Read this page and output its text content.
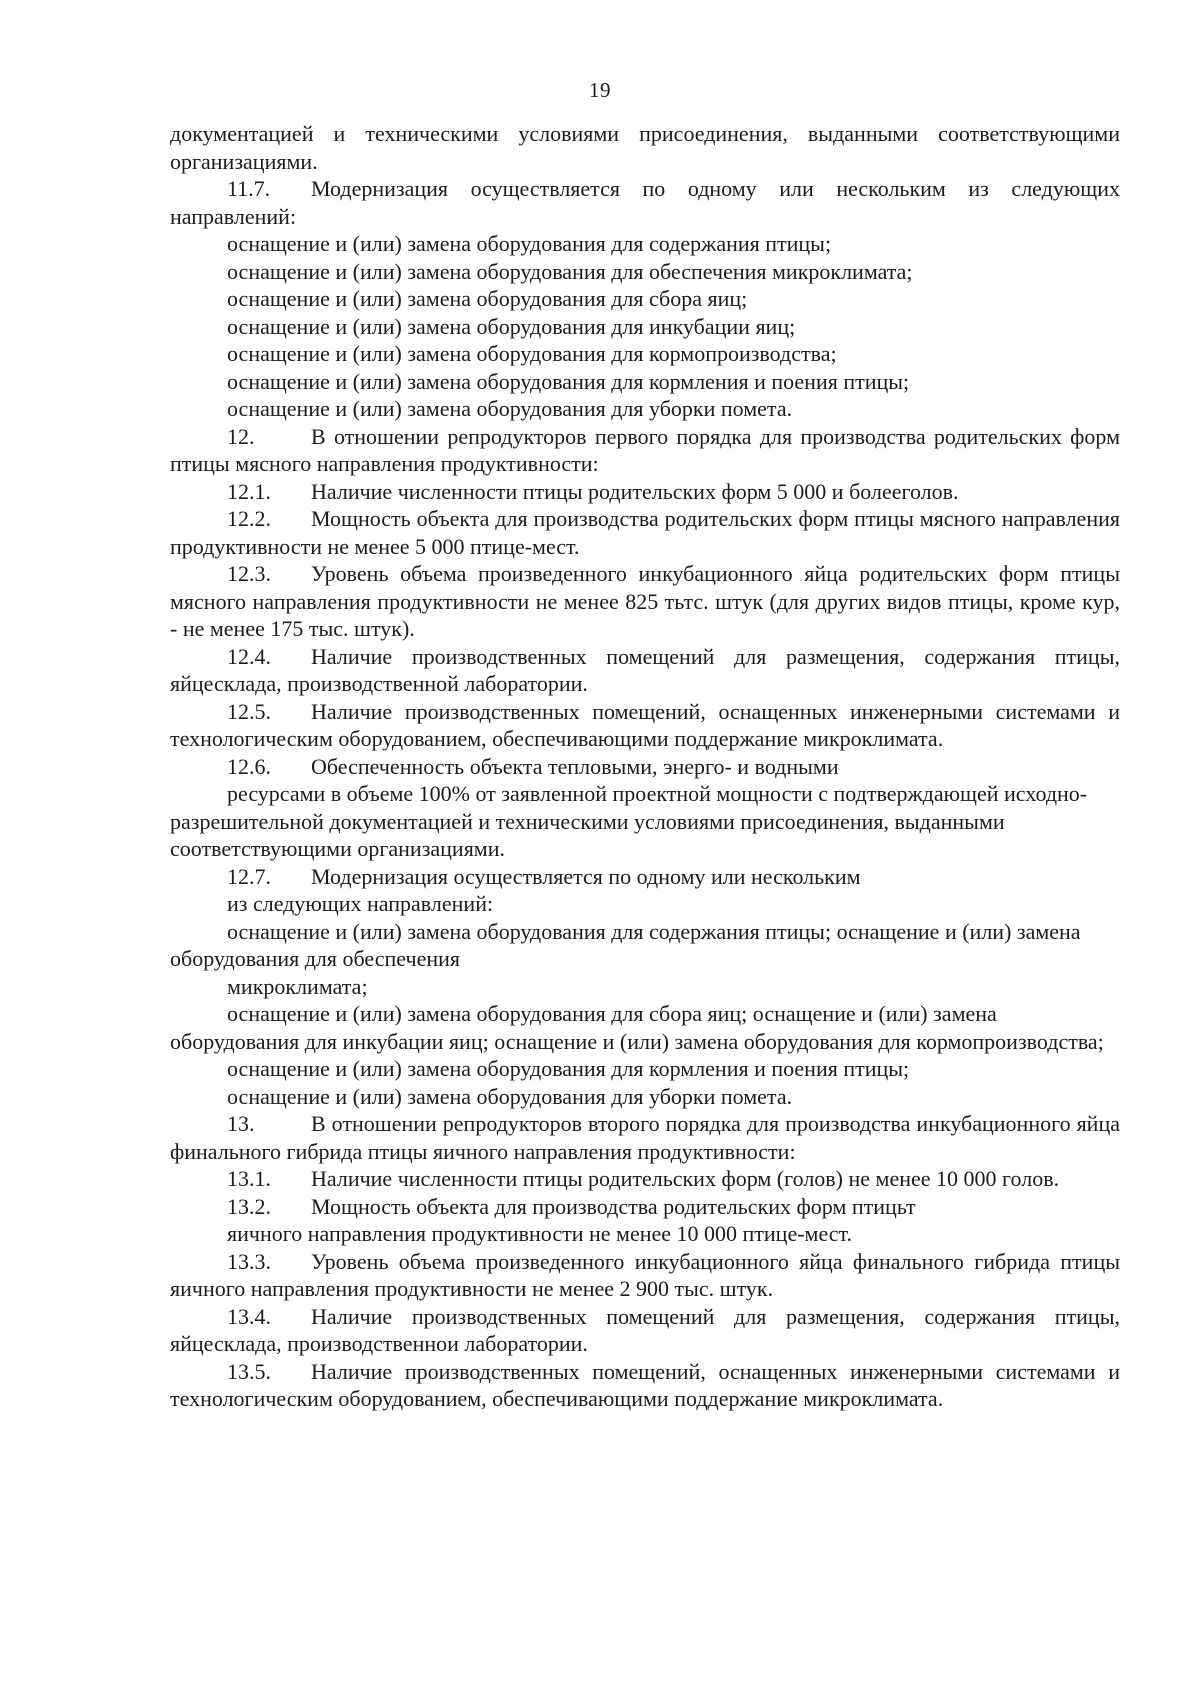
19

документацией и техническими условиями присоединения, выданными соответствующими организациями.

11.7. Модернизация осуществляется по одному или нескольким из следующих направлений:

оснащение и (или) замена оборудования для содержания птицы;

оснащение и (или) замена оборудования для обеспечения микроклимата;

оснащение и (или) замена оборудования для сбора яиц;

оснащение и (или) замена оборудования для инкубации яиц;

оснащение и (или) замена оборудования для кормопроизводства;

оснащение и (или) замена оборудования для кормления и поения птицы;

оснащение и (или) замена оборудования для уборки помета.

12.	В отношении репродукторов первого порядка для производства родительских форм птицы мясного направления продуктивности:

12.1. Наличие численности птицы родительских форм 5 000 и болееголов.

12.2. Мощность объекта для производства родительских форм птицы мясного направления продуктивности не менее 5 000 птице-мест.

12.3. Уровень объема произведенного инкубационного яйца родительских форм птицы мясного направления продуктивности не менее 825 тьтс. штук (для других видов птицы, кроме кур, - не менее 175 тыс. штук).

12.4. Наличие производственных помещений для размещения, содержания птицы, яйцесклада, производственной лаборатории.

12.5. Наличие производственных помещений, оснащенных инженерными системами и технологическим оборудованием, обеспечивающими поддержание микроклимата.

12.6. Обеспеченность объекта тепловыми, энерго- и водными

ресурсами в объеме 100% от заявленной проектной мощности с подтверждающей исходно-разрешительной документацией и техническими условиями присоединения, выданными соответствующими организациями.

12.7. Модернизация осуществляется по одному или нескольким

из следующих направлений:

оснащение и (или) замена оборудования для содержания птицы; оснащение и (или) замена оборудования для обеспечения

микроклимата;

оснащение и (или) замена оборудования для сбора яиц; оснащение и (или) замена оборудования для инкубации яиц; оснащение и (или) замена оборудования для кормопроизводства;

оснащение и (или) замена оборудования для кормления и поения птицы;

оснащение и (или) замена оборудования для уборки помета.

13.	В отношении репродукторов второго порядка для производства инкубационного яйца финального гибрида птицы яичного направления продуктивности:

13.1. Наличие численности птицы родительских форм (голов) не менее 10 000 голов.

13.2. Мощность объекта для производства родительских форм птицьт

яичного направления продуктивности не менее 10 000 птице-мест.

13.3. Уровень объема произведенного инкубационного яйца финального гибрида птицы яичного направления продуктивности не менее 2 900 тыс. штук.

13.4. Наличие производственных помещений для размещения, содержания птицы, яйцесклада, производственнои лаборатории.

13.5. Наличие производственных помещений, оснащенных инженерными системами и технологическим оборудованием, обеспечивающими поддержание микроклимата.
